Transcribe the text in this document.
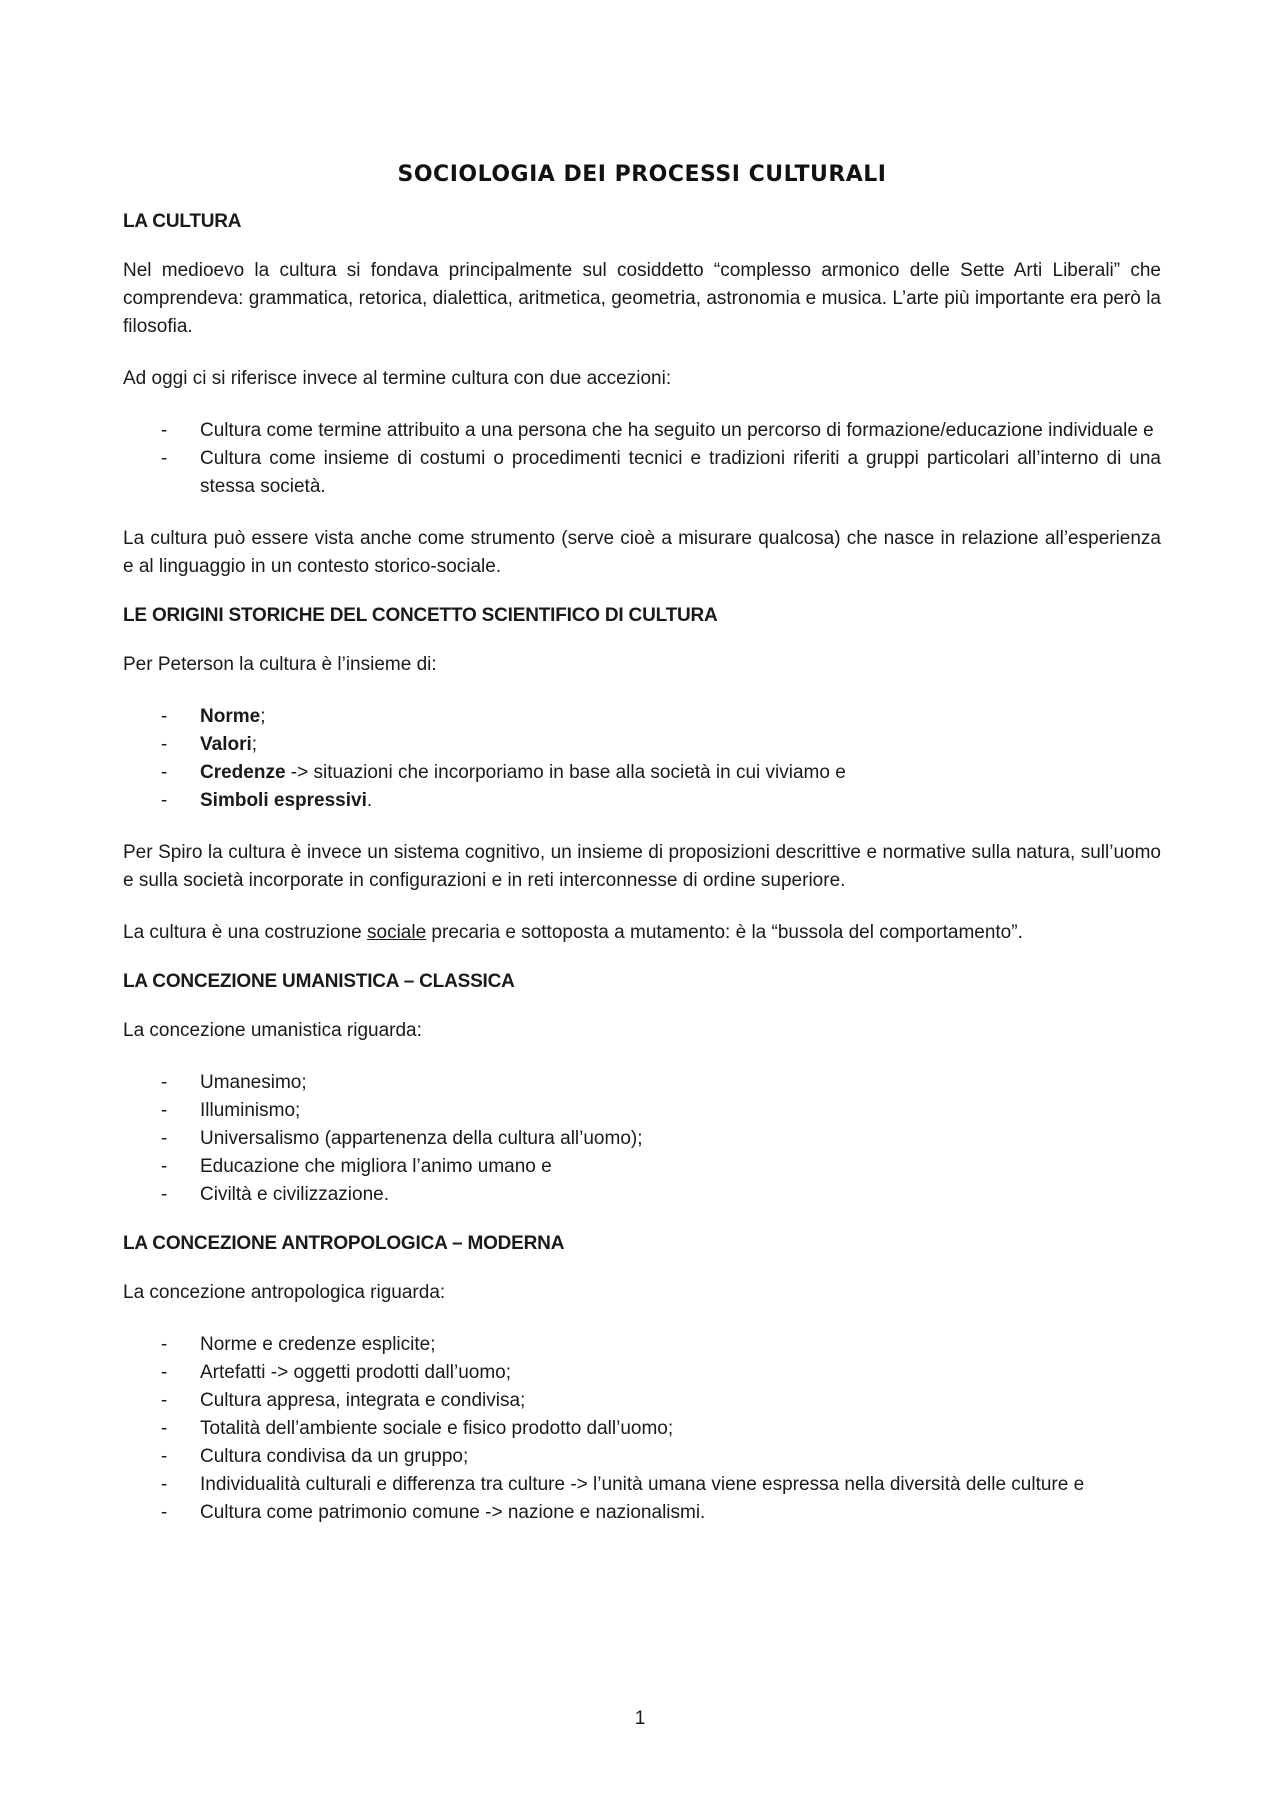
SOCIOLOGIA DEI PROCESSI CULTURALI
LA CULTURA

Nel medioevo la cultura si fondava principalmente sul cosiddetto “complesso armonico delle Sette Arti Liberali” che comprendeva: grammatica, retorica, dialettica, aritmetica, geometria, astronomia e musica. L’arte più importante era però la filosofia.

Ad oggi ci si riferisce invece al termine cultura con due accezioni:

- Cultura come termine attribuito a una persona che ha seguito un percorso di formazione/educazione individuale e
- Cultura come insieme di costumi o procedimenti tecnici e tradizioni riferiti a gruppi particolari all’interno di una stessa società.

La cultura può essere vista anche come strumento (serve cioè a misurare qualcosa) che nasce in relazione all’esperienza e al linguaggio in un contesto storico-sociale.

LE ORIGINI STORICHE DEL CONCETTO SCIENTIFICO DI CULTURA

Per Peterson la cultura è l’insieme di:

- Norme;
- Valori;
- Credenze -> situazioni che incorporiamo in base alla società in cui viviamo e
- Simboli espressivi.

Per Spiro la cultura è invece un sistema cognitivo, un insieme di proposizioni descrittive e normative sulla natura, sull’uomo e sulla società incorporate in configurazioni e in reti interconnesse di ordine superiore.

La cultura è una costruzione sociale precaria e sottoposta a mutamento: è la “bussola del comportamento”.

LA CONCEZIONE UMANISTICA – CLASSICA

La concezione umanistica riguarda:

- Umanesimo;
- Illuminismo;
- Universalismo (appartenenza della cultura all’uomo);
- Educazione che migliora l’animo umano e
- Civiltà e civilizzazione.
LA CONCEZIONE ANTROPOLOGICA – MODERNA

La concezione antropologica riguarda:

- Norme e credenze esplicite;
- Artefatti -> oggetti prodotti dall’uomo;
- Cultura appresa, integrata e condivisa;
- Totalità dell’ambiente sociale e fisico prodotto dall’uomo;
- Cultura condivisa da un gruppo;
- Individualità culturali e differenza tra culture -> l’unità umana viene espressa nella diversità delle culture e
- Cultura come patrimonio comune -> nazione e nazionalismi.
1
